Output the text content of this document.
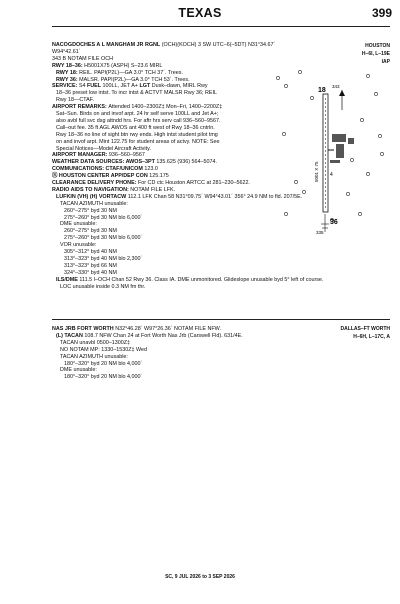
TEXAS	399
HOUSTON
H–6I, L–19E
IAP
NACOGDOCHES A L MANGHAM JR RGNL (OCH)(KOCH) 3 SW UTC–6(–5DT) N31°34.67´
W94°42.61´
343 B NOTAM FILE OCH
RWY 18–36: H5001X75 (ASPH) S–23.6 MIRL
RWY 18: REIL. PAPI(P2L)—GA 3.0° TCH 37´. Trees.
RWY 36: MALSR. PAPI(P2L)—GA 3.0° TCH 53´. Trees.
SERVICE: S4 FUEL 100LL, JET A+ LGT Dusk–dawn, MIRL Rwy
18–36 preset low intst. To incr intst & ACTVT MALSR Rwy 36; REIL
Rwy 18—CTAF.
AIRPORT REMARKS: Attended 1400–2300Z‡ Mon–Fri, 1400–2200Z‡
Sat–Sun. Birds on and invof arpt. 24 hr self serve 100LL and Jet A+;
also avbl full svc dsg attndd hrs. For aftr hrs serv call 936–560–9567.
Call–out fee. 35 ft AGL AWOS ant 400 ft west of Rwy 18–36 cntrln.
Rwy 18–36 no line of sight btn rwy ends. High intst student pilot tmg
on and invof arpt. Mint 122.75 for student areas of actvy. NOTE: See
Special Notices—Model Aircraft Activity.
AIRPORT MANAGER: 936–560–9567
WEATHER DATA SOURCES: AWOS–3PT 135.625 (936) 564–5074.
COMMUNICATIONS: CTAF/UNICOM 123.0
Ⓡ HOUSTON CENTER APP/DEP CON 125.175
CLEARANCE DELIVERY PHONE: For CD ctc Houston ARTCC at 281–230–5622.
RADIO AIDS TO NAVIGATION: NOTAM FILE LFK.
LUFKIN (VH) (H) VORTACW 112.1 LFK Chan 58 N31°09.75´ W94°43.01´ 356° 24.9 NM to fld. 207/5E.
TACAN AZIMUTH unusable:
260°–275° byd 30 NM
275°–260° byd 30 NM blo 6,000´
DME unusable:
260°–275° byd 30 NM
275°–260° byd 30 NM blo 6,000´
VOR unusable:
305°–312° byd 40 NM
313°–323° byd 40 NM blo 2,300´
313°–323° byd 66 NM
324°–330° byd 40 NM
ILS/DME 111.5 I–OCH Chan 52 Rwy 36. Class IA. DME unmonitored. Glideslope unusable byd 5° left of course.
LOC unusable inside 0.3 NM fm thr.
18
36
5001 X 75
343
335
4
DALLAS–FT WORTH
H–6H, L–17C, A
NAS JRB FORT WORTH N32°46.28´ W97°26.36´ NOTAM FILE NFW.
(L) TACAN 108.7 NFW Chan 24 at Fort Worth Nas Jrb (Carswell Fld). 631/4E.
TACAN unavbl 0500–1300Z‡
NO NOTAM MP: 1330–1530Z‡ Wed
TACAN AZIMUTH unusable:
180°–320° byd 20 NM blo 4,000´
DME unusable:
180°–320° byd 20 NM blo 4,000´
SC, 9 JUL 2026 to 3 SEP 2026
